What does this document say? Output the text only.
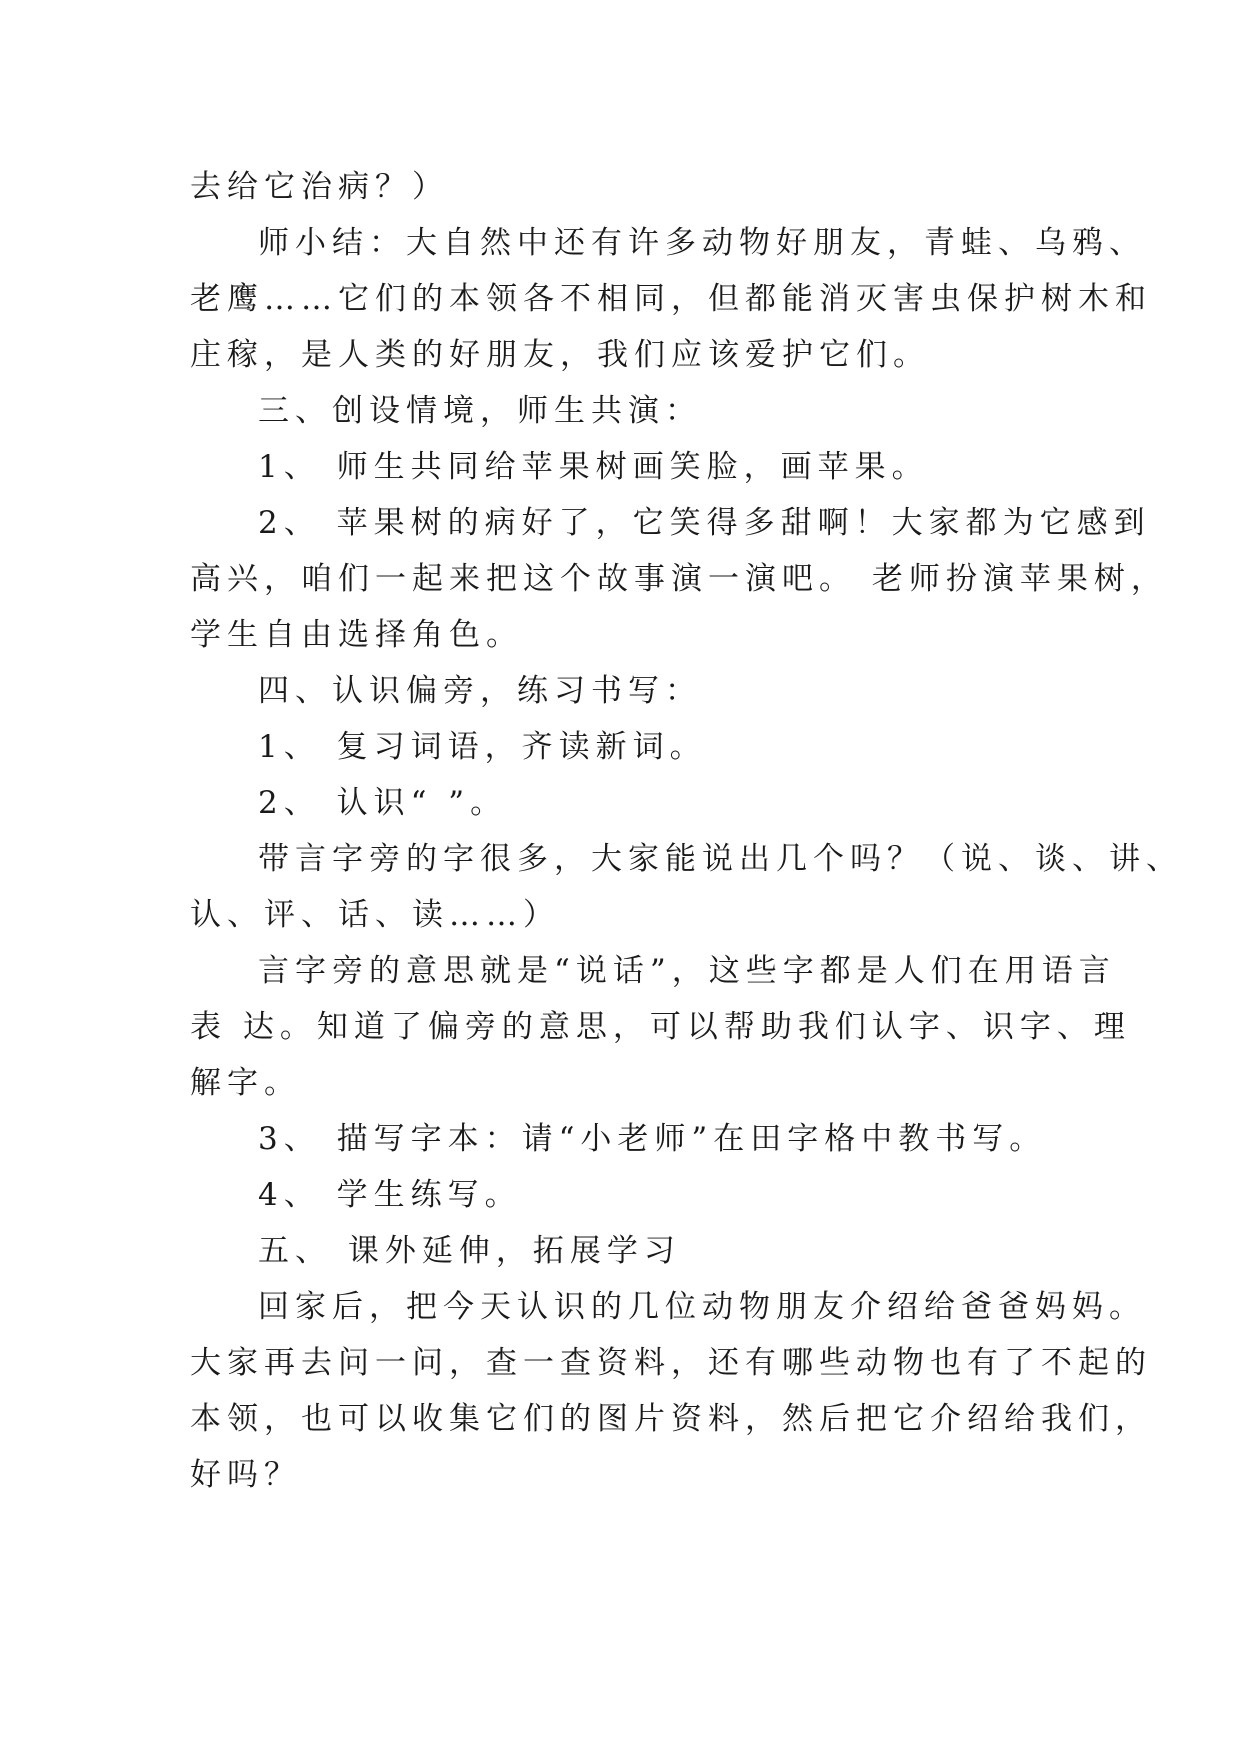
去给它治病？）
师小结：大自然中还有许多动物好朋友，青蛙、乌鸦、
老鹰……它们的本领各不相同，但都能消灭害虫保护树木和
庄稼，是人类的好朋友，我们应该爱护它们。
三、创设情境，师生共演：
1、 师生共同给苹果树画笑脸，画苹果。
2、 苹果树的病好了，它笑得多甜啊！大家都为它感到
高兴，咱们一起来把这个故事演一演吧。 老师扮演苹果树，
学生自由选择角色。
四、认识偏旁，练习书写：
1、 复习词语，齐读新词。
2、 认识“ ”。
带言字旁的字很多，大家能说出几个吗？（说、谈、讲、
认、评、话、读……）
言字旁的意思就是“说话”，这些字都是人们在用语言
表 达。知道了偏旁的意思，可以帮助我们认字、识字、理
解字。
3、 描写字本：请“小老师”在田字格中教书写。
4、 学生练写。
五、 课外延伸，拓展学习
回家后，把今天认识的几位动物朋友介绍给爸爸妈妈。
大家再去问一问，查一查资料，还有哪些动物也有了不起的
本领，也可以收集它们的图片资料，然后把它介绍给我们，
好吗？
